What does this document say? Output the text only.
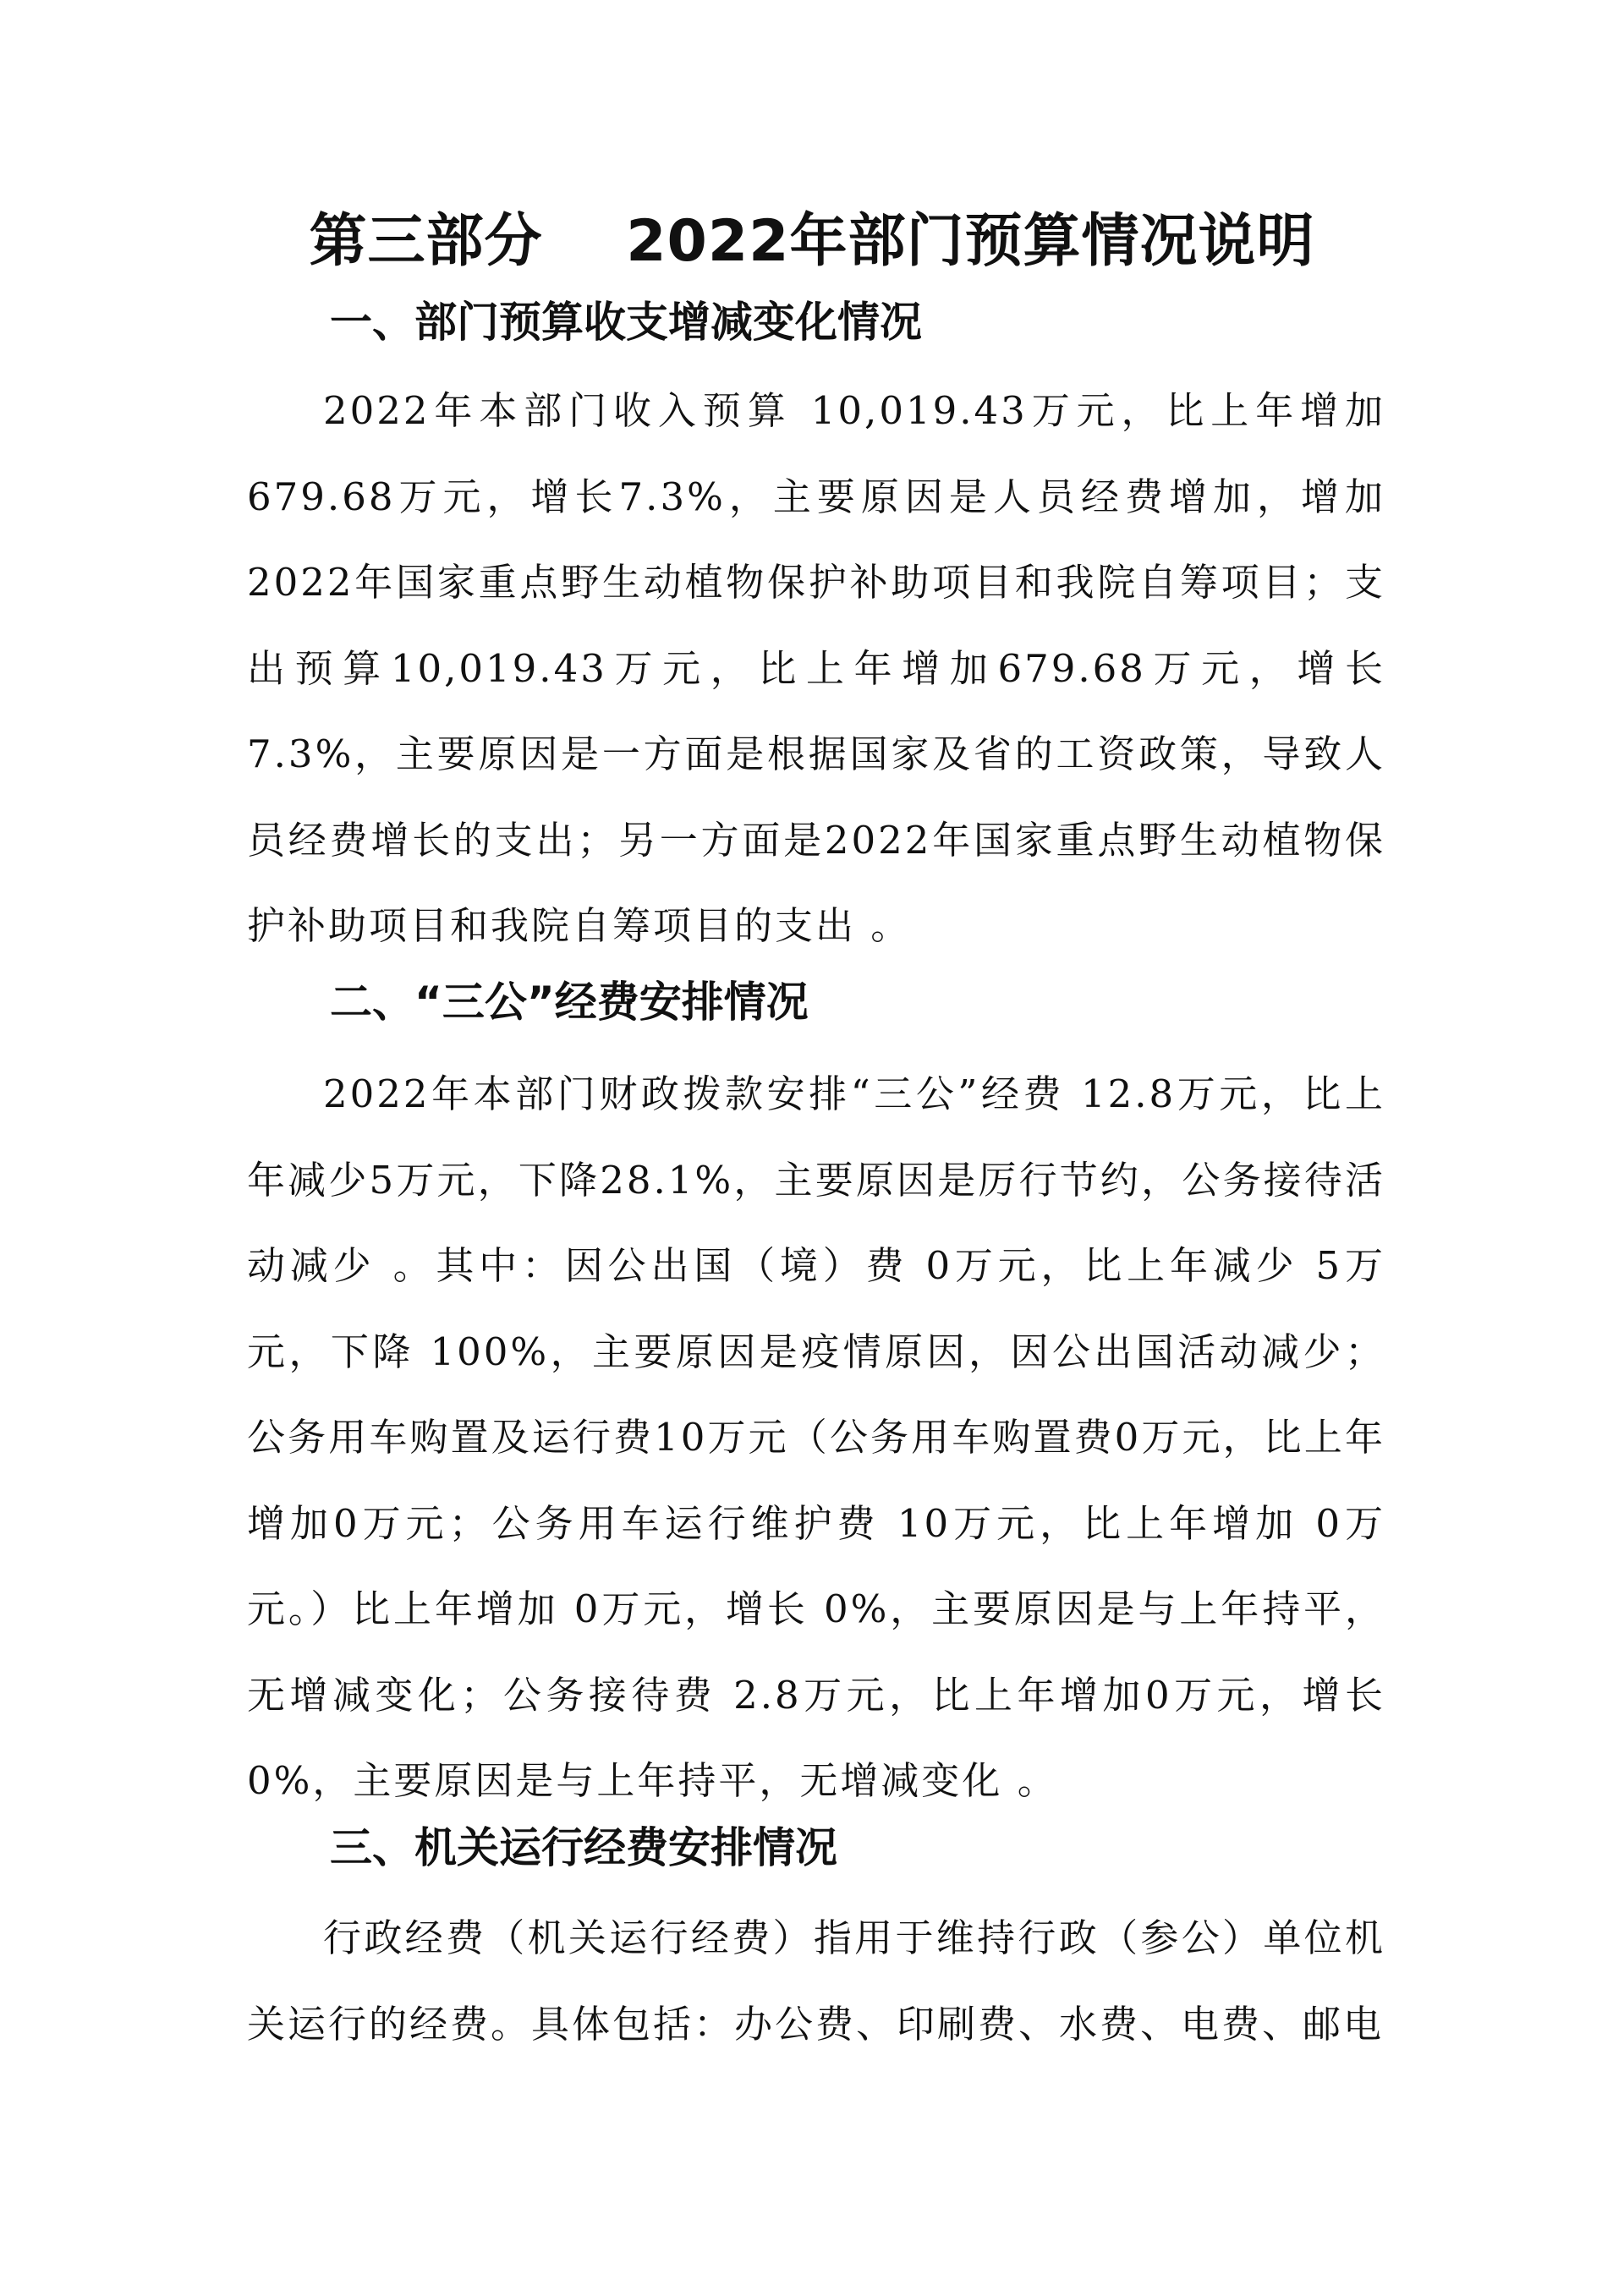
第三部分    2022年部门预算情况说明
一、部门预算收支增减变化情况

2022年本部门收入预算 10,019.43万元，比上年增加679.68万元，增长7.3%，主要原因是人员经费增加，增加2022年国家重点野生动植物保护补助项目和我院自筹项目；支出预算10,019.43万元，比上年增加679.68万元，增长7.3%，主要原因是一方面是根据国家及省的工资政策，导致人员经费增长的支出；另一方面是2022年国家重点野生动植物保护补助项目和我院自筹项目的支出 。

二、“三公”经费安排情况

2022年本部门财政拨款安排“三公”经费 12.8万元，比上年减少5万元，下降28.1%，主要原因是厉行节约，公务接待活动减少 。其中：因公出国（境）费 0万元，比上年减少 5万元，下降 100%，主要原因是疫情原因，因公出国活动减少；公务用车购置及运行费10万元（公务用车购置费0万元，比上年增加0万元；公务用车运行维护费 10万元，比上年增加 0万元。）比上年增加 0万元，增长 0%，主要原因是与上年持平，无增减变化；公务接待费 2.8万元，比上年增加0万元，增长0%，主要原因是与上年持平，无增减变化 。

三、机关运行经费安排情况

行政经费（机关运行经费）指用于维持行政（参公）单位机关运行的经费。具体包括：办公费、印刷费、水费、电费、邮电
